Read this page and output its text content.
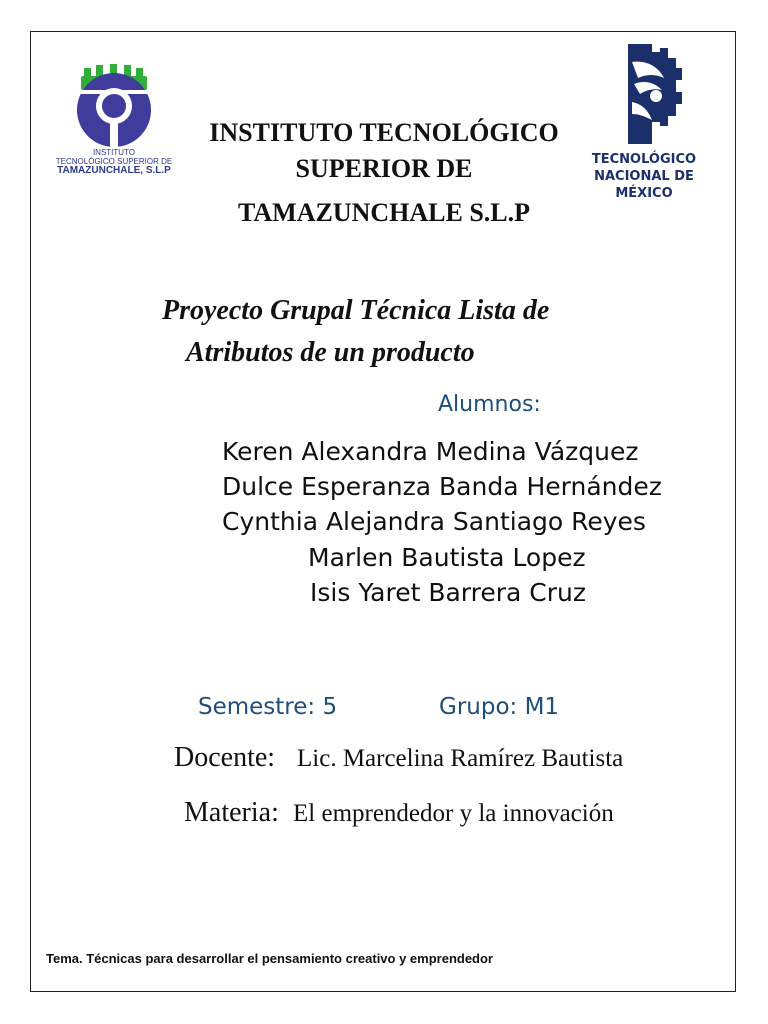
INSTITUTO
TECNOLÓGICO SUPERIOR DE
TAMAZUNCHALE, S.L.P
TECNOLÓGICO
NACIONAL DE MÉXICO
INSTITUTO TECNOLÓGICO
SUPERIOR DE
TAMAZUNCHALE S.L.P
Proyecto Grupal Técnica Lista de
Atributos de un producto
Alumnos:
Keren Alexandra Medina Vázquez
Dulce Esperanza Banda Hernández
Cynthia Alejandra Santiago Reyes
Marlen Bautista Lopez
Isis Yaret Barrera Cruz
Semestre: 5	Grupo: M1
Docente: Lic. Marcelina Ramírez Bautista
Materia: El emprendedor y la innovación
Tema. Técnicas para desarrollar el pensamiento creativo y emprendedor
